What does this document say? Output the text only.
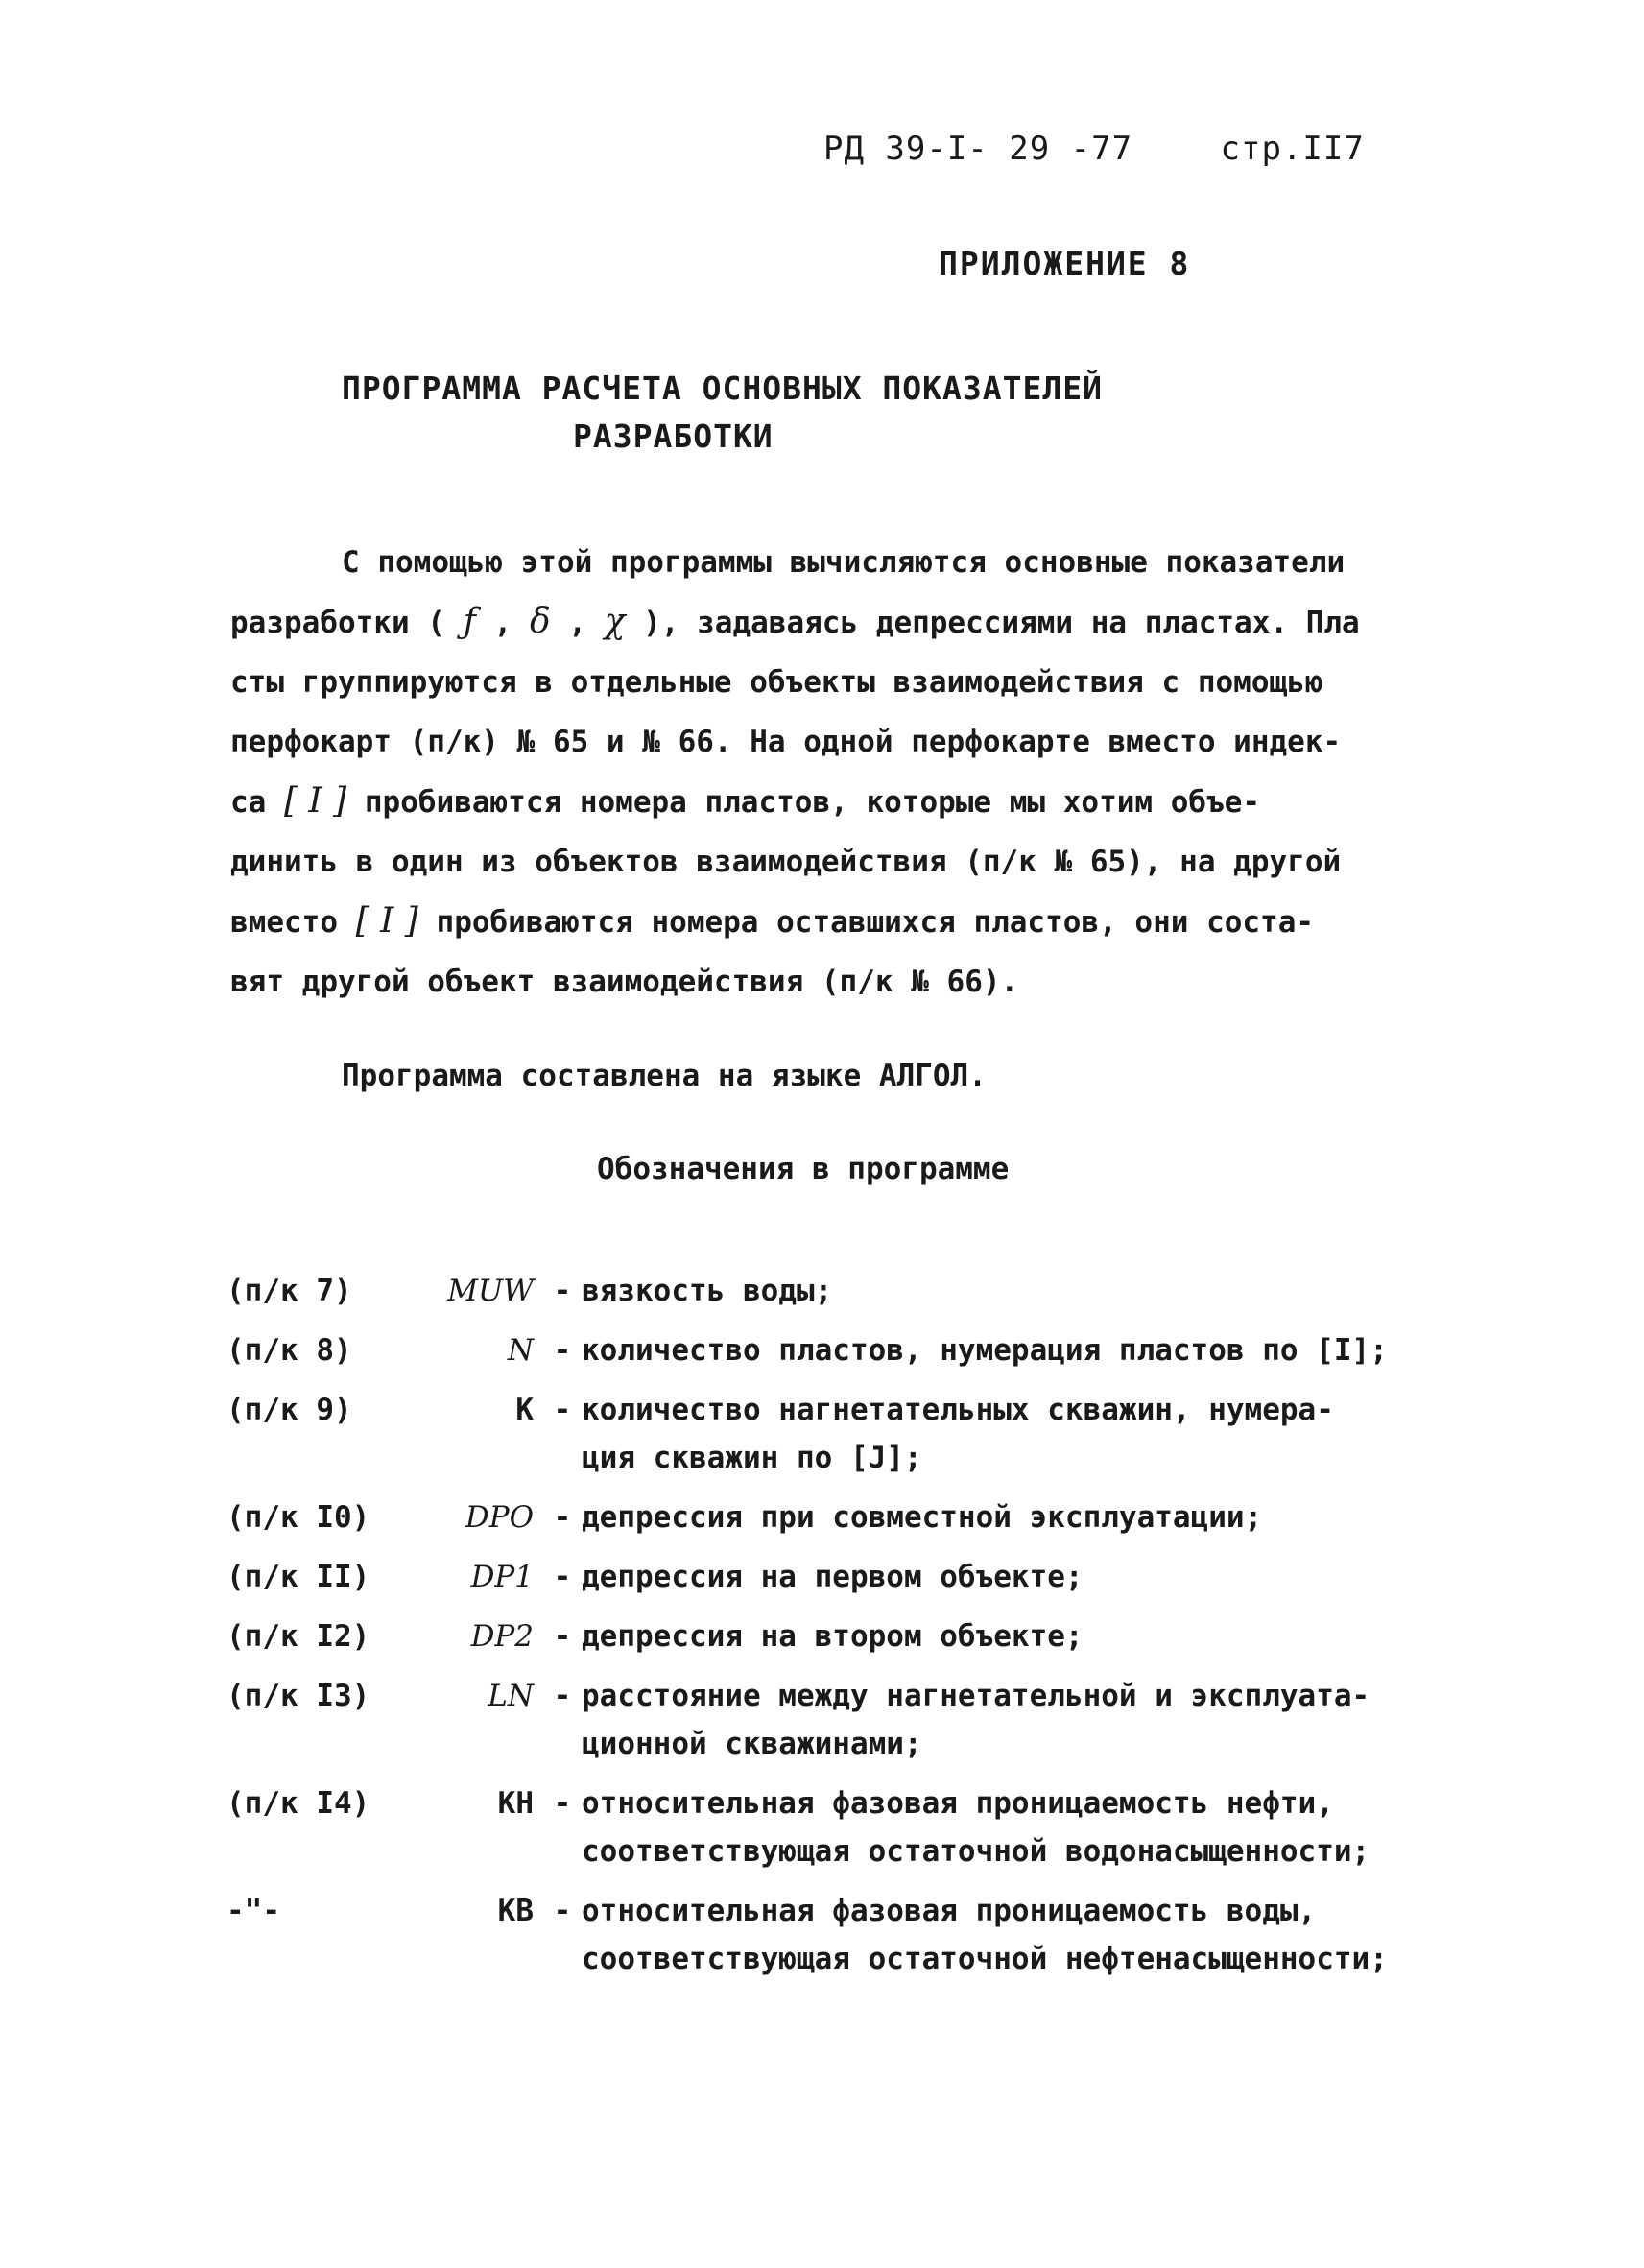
РД 39-I- 29 -77	стр.II7
ПРИЛОЖЕНИЕ 8
ПРОГРАММА РАСЧЕТА ОСНОВНЫХ ПОКАЗАТЕЛЕЙ
РАЗРАБОТКИ
С помощью этой программы вычисляются основные показатели
разработки ( ƒ , δ , χ ), задаваясь депрессиями на пластах. Пла
сты группируются в отдельные объекты взаимодействия с помощью
перфокарт (п/к) № 65 и № 66. На одной перфокарте вместо индек-
са [ I ] пробиваются номера пластов, которые мы хотим объе-
динить в один из объектов взаимодействия (п/к № 65), на другой
вместо [ I ] пробиваются номера оставшихся пластов, они соста-
вят другой объект взаимодействия (п/к № 66).
Программа составлена на языке АЛГОЛ.
Обозначения в программе
(п/к 7)	MUW - вязкость воды;
(п/к 8)	N - количество пластов, нумерация пластов по [I];
(п/к 9)	К - количество нагнетательных скважин, нумера-
ция скважин по [J];
(п/к I0)	DPO - депрессия при совместной эксплуатации;
(п/к II)	DP1 - депрессия на первом объекте;
(п/к I2)	DP2 - депрессия на втором объекте;
(п/к I3)	LN - расстояние между нагнетательной и эксплуата-
ционной скважинами;
(п/к I4)	КН - относительная фазовая проницаемость нефти,
соответствующая остаточной водонасыщенности;
-"-	КВ - относительная фазовая проницаемость воды,
соответствующая остаточной нефтенасыщенности;
